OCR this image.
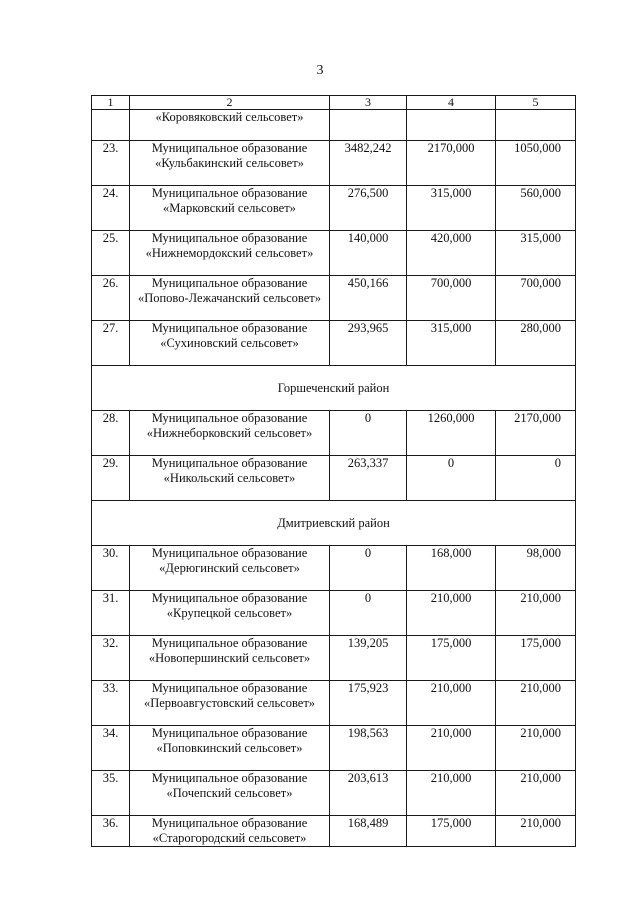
3
1	2	3	4	5

	«Коровяковский сельсовет»			

23.	Муниципальное образование
«Кульбакинский сельсовет»	3482,242	2170,000	1050,000
24.	Муниципальное образование
«Марковский сельсовет»	276,500	315,000	560,000
25.	Муниципальное образование
«Нижнемордокский сельсовет»	140,000	420,000	315,000
26.	Муниципальное образование
«Попово-Лежачанский сельсовет»	450,166	700,000	700,000
27.	Муниципальное образование
«Сухиновский сельсовет»	293,965	315,000	280,000
Горшеченский район				
28.	Муниципальное образование
«Нижнеборковский сельсовет»	0	1260,000	2170,000
29.	Муниципальное образование
«Никольский сельсовет»	263,337	0	0
Дмитриевский район				
30.	Муниципальное образование
«Дерюгинский сельсовет»	0	168,000	98,000
31.	Муниципальное образование
«Крупецкой сельсовет»	0	210,000	210,000
32.	Муниципальное образование
«Новопершинский сельсовет»	139,205	175,000	175,000
33.	Муниципальное образование
«Первоавгустовский сельсовет»	175,923	210,000	210,000
34.	Муниципальное образование
«Поповкинский сельсовет»	198,563	210,000	210,000
35.	Муниципальное образование
«Почепский сельсовет»	203,613	210,000	210,000
36.	Муниципальное образование
«Старогородский сельсовет»	168,489	175,000	210,000
